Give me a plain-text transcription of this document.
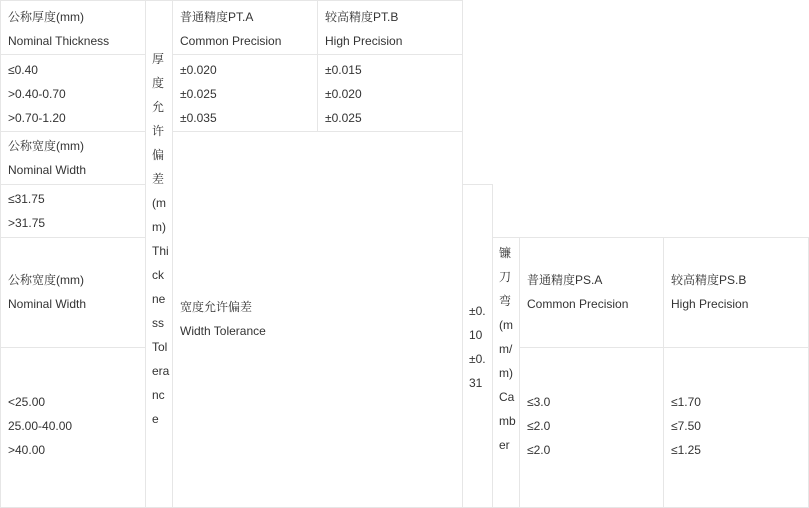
公称厚度(mm)
Nominal Thickness
厚度允许偏差(mm)Thickness Tolerance
普通精度PT.A
Common Precision
较高精度PT.B
High Precision
≤0.40
>0.40-0.70
>0.70-1.20
±0.020
±0.025
±0.035
±0.015
±0.020
±0.025
公称宽度(mm)
Nominal Width
≤31.75
>31.75
宽度允许偏差
Width Tolerance
±0.10±0.31
公称宽度(mm)
Nominal Width
<25.00
25.00-40.00
>40.00
镰刀弯(mm/m)Camber
普通精度PS.A
Common Precision
较高精度PS.B
High Precision
≤3.0
≤2.0
≤2.0
≤1.70
≤7.50
≤1.25
